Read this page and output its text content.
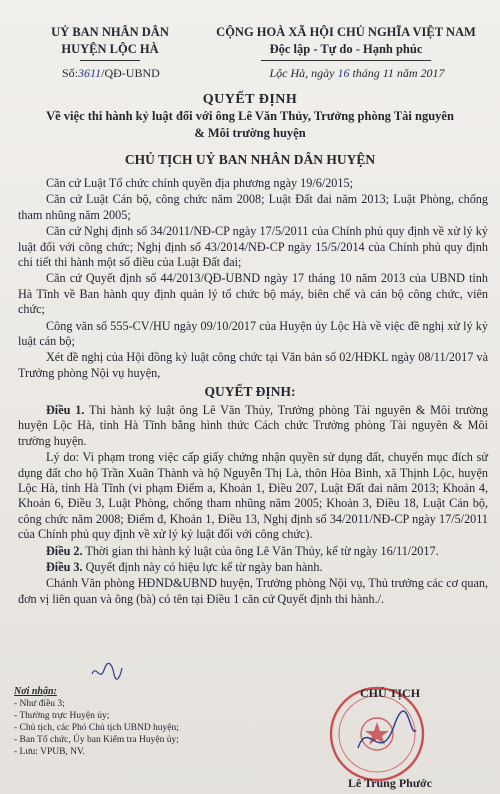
UỶ BAN NHÂN DÂN
HUYỆN LỘC HÀ
CỘNG HOÀ XÃ HỘI CHỦ NGHĨA VIỆT NAM
Độc lập - Tự do - Hạnh phúc
Số:3611/QĐ-UBND	Lộc Hà, ngày 16 tháng 11 năm 2017
QUYẾT ĐỊNH
Về việc thi hành kỷ luật đối với ông Lê Văn Thủy, Trưởng phòng Tài nguyên & Môi trường huyện
CHỦ TỊCH UỶ BAN NHÂN DÂN HUYỆN

Căn cứ Luật Tổ chức chính quyền địa phương ngày 19/6/2015;

Căn cứ Luật Cán bộ, công chức năm 2008; Luật Đất đai năm 2013; Luật Phòng, chống tham nhũng năm 2005;

Căn cứ Nghị định số 34/2011/NĐ-CP ngày 17/5/2011 của Chính phủ quy định về xử lý kỷ luật đối với công chức; Nghị định số 43/2014/NĐ-CP ngày 15/5/2014 của Chính phủ quy định chi tiết thi hành một số điều của Luật Đất đai;

Căn cứ Quyết định số 44/2013/QĐ-UBND ngày 17 tháng 10 năm 2013 của UBND tỉnh Hà Tĩnh về Ban hành quy định quản lý tổ chức bộ máy, biên chế và cán bộ công chức, viên chức;

Công văn số 555-CV/HU ngày 09/10/2017 của Huyện ủy Lộc Hà về việc đề nghị xử lý kỷ luật cán bộ;

Xét đề nghị của Hội đồng kỷ luật công chức tại Văn bản số 02/HĐKL ngày 08/11/2017 và Trưởng phòng Nội vụ huyện,

QUYẾT ĐỊNH:

Điều 1. Thi hành kỷ luật ông Lê Văn Thủy, Trưởng phòng Tài nguyên & Môi trường huyện Lộc Hà, tỉnh Hà Tĩnh bằng hình thức Cách chức Trưởng phòng Tài nguyên & Môi trường huyện.

Lý do: Vi phạm trong việc cấp giấy chứng nhận quyền sử dụng đất, chuyển mục đích sử dụng đất cho hộ Trần Xuân Thành và hộ Nguyễn Thị Là, thôn Hòa Bình, xã Thịnh Lộc, huyện Lộc Hà, tỉnh Hà Tĩnh (vi phạm Điểm a, Khoản 1, Điều 207, Luật Đất đai năm 2013; Khoản 4, Khoản 6, Điều 3, Luật Phòng, chống tham nhũng năm 2005; Khoản 3, Điều 18, Luật Cán bộ, công chức năm 2008; Điểm đ, Khoản 1, Điều 13, Nghị định số 34/2011/NĐ-CP ngày 17/5/2011 của Chính phủ quy định về xử lý kỷ luật đối với công chức).

Điều 2. Thời gian thi hành kỷ luật của ông Lê Văn Thủy, kể từ ngày 16/11/2017.

Điều 3. Quyết định này có hiệu lực kể từ ngày ban hành.

Chánh Văn phòng HĐND&UBND huyện, Trưởng phòng Nội vụ, Thủ trưởng các cơ quan, đơn vị liên quan và ông (bà) có tên tại Điều 1 căn cứ Quyết định thi hành./.

Nơi nhận:
- Như điều 3;
- Thường trực Huyện ủy;
- Chủ tịch, các Phó Chủ tịch UBND huyện;
- Ban Tổ chức, Ủy ban Kiểm tra Huyện ủy;
- Lưu: VPUB, NV.
CHỦ TỊCH
Lê Trung Phước
